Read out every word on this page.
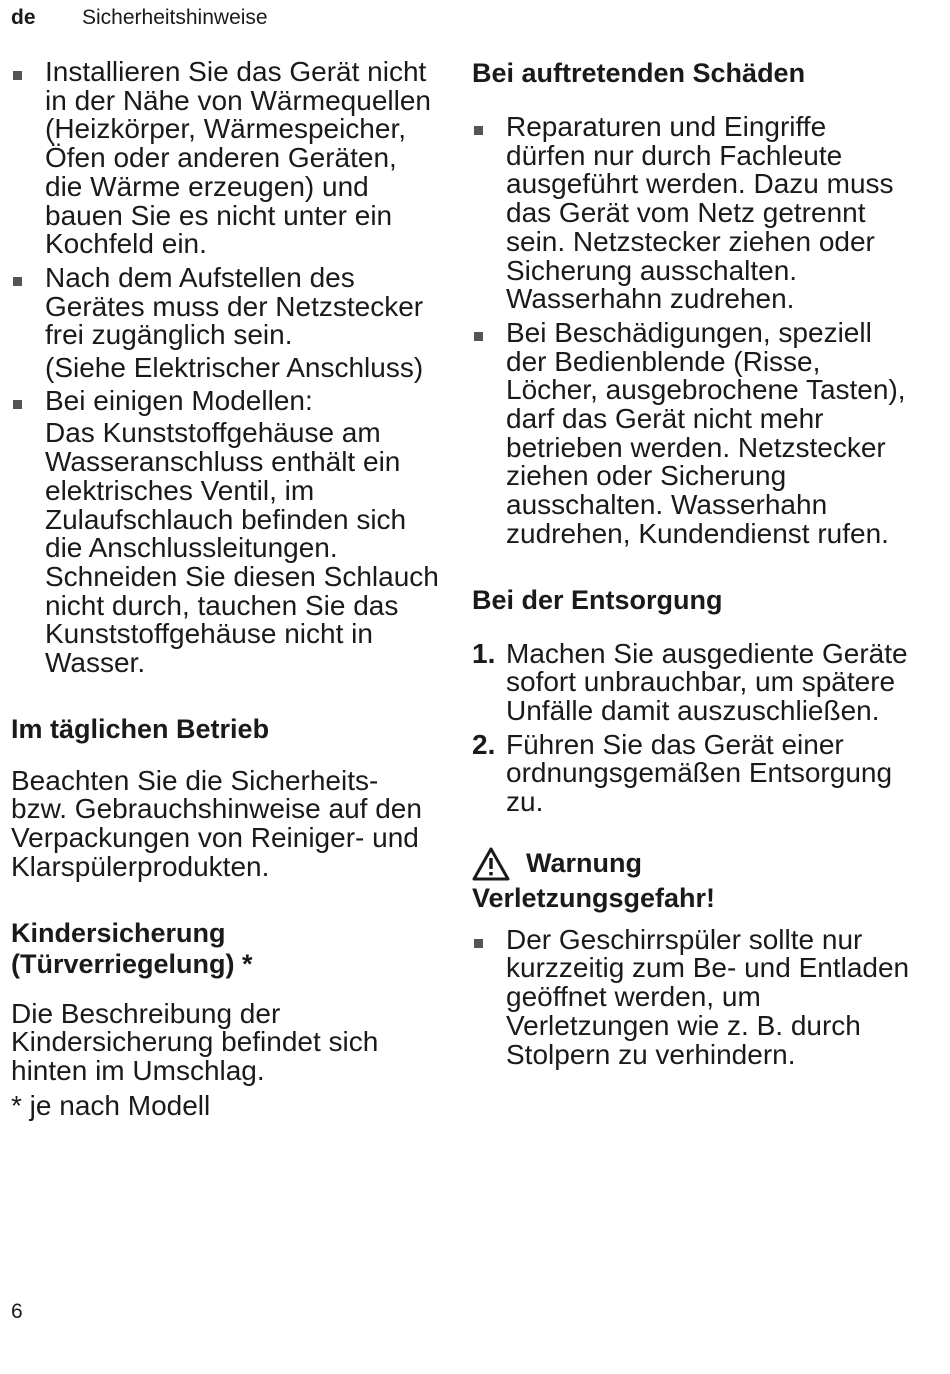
de Sicherheitshinweise

Installieren Sie das Gerät nicht in der Nähe von Wärmequellen (Heizkörper, Wärmespeicher, Öfen oder anderen Geräten, die Wärme erzeugen) und bauen Sie es nicht unter ein Kochfeld ein.

Nach dem Aufstellen des Gerätes muss der Netzstecker frei zugänglich sein.

(Siehe Elektrischer Anschluss)

Bei einigen Modellen:

Das Kunststoffgehäuse am Wasseranschluss enthält ein elektrisches Ventil, im Zulaufschlauch befinden sich die Anschlussleitungen. Schneiden Sie diesen Schlauch nicht durch, tauchen Sie das Kunststoffgehäuse nicht in Wasser.

Im täglichen Betrieb

Beachten Sie die Sicherheits- bzw. Gebrauchshinweise auf den Verpackungen von Reiniger- und Klarspülerprodukten.

Kindersicherung
(Türverriegelung) *

Die Beschreibung der Kindersicherung befindet sich hinten im Umschlag.

* je nach Modell

Bei auftretenden Schäden

Reparaturen und Eingriffe dürfen nur durch Fachleute ausgeführt werden. Dazu muss das Gerät vom Netz getrennt sein. Netzstecker ziehen oder Sicherung ausschalten. Wasserhahn zudrehen.

Bei Beschädigungen, speziell der Bedienblende (Risse, Löcher, ausgebrochene Tasten), darf das Gerät nicht mehr betrieben werden. Netzstecker ziehen oder Sicherung ausschalten. Wasserhahn zudrehen, Kundendienst rufen.

Bei der Entsorgung

1. Machen Sie ausgediente Geräte sofort unbrauchbar, um spätere Unfälle damit auszuschließen.

2. Führen Sie das Gerät einer ordnungsgemäßen Entsorgung zu.

Warnung
Verletzungsgefahr!

Der Geschirrspüler sollte nur kurzzeitig zum Be- und Entladen geöffnet werden, um Verletzungen wie z. B. durch Stolpern zu verhindern.

6
